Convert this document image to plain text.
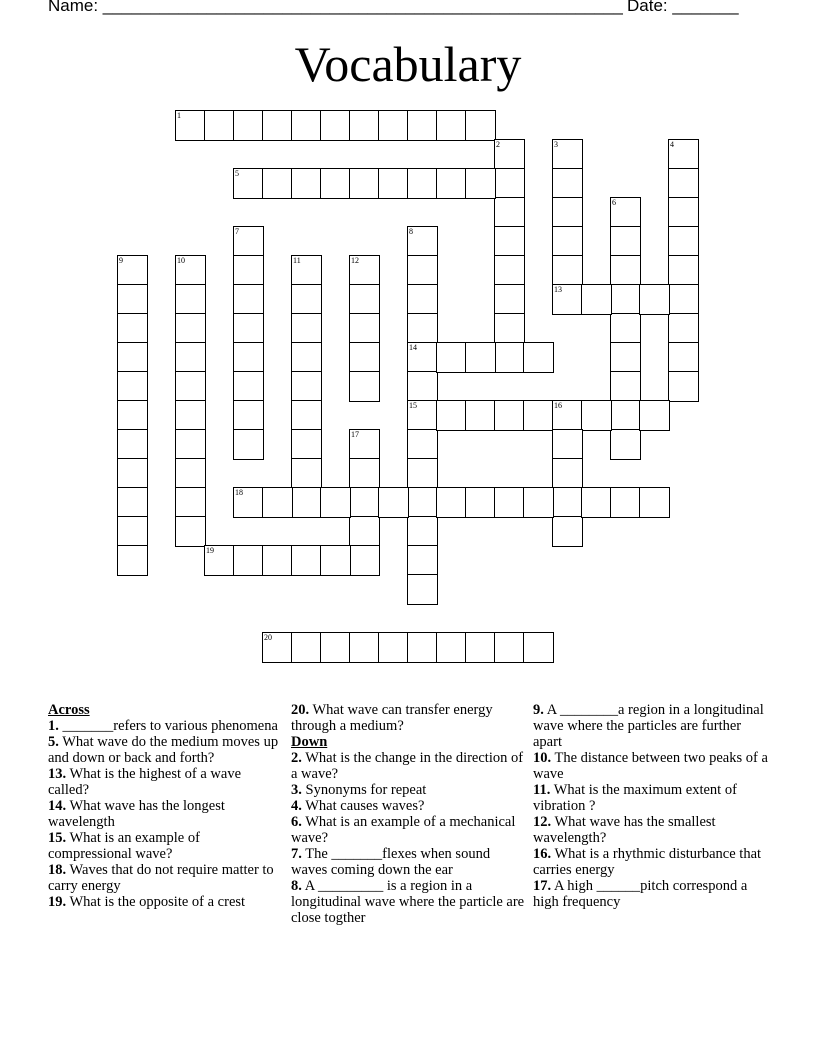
Name: _______________________________________________________

Date: _______

Vocabulary
1
2	3	4
5
6
7	8
9	10	11	12
13
14
15	16
17
18
19
20
Across
1. _______refers to various phenomena
5. What wave do the medium moves up and down or back and forth?
13. What is the highest of a wave called?
14. What wave has the longest wavelength
15. What is an example of compressional wave?
18. Waves that do not require matter to carry energy
19. What is the opposite of a crest
20. What wave can transfer energy through a medium?
Down
2. What is the change in the direction of a wave?
3. Synonyms for repeat
4. What causes waves?
6. What is an example of a mechanical wave?
7. The _______flexes when sound waves coming down the ear
8. A _________ is a region in a longitudinal wave where the particle are close togther
9. A ________a region in a longitudinal wave where the particles are further apart
10. The distance between two peaks of a wave
11. What is the maximum extent of vibration ?
12. What wave has the smallest wavelength?
16. What is a rhythmic disturbance that carries energy
17. A high ______pitch correspond a high frequency
